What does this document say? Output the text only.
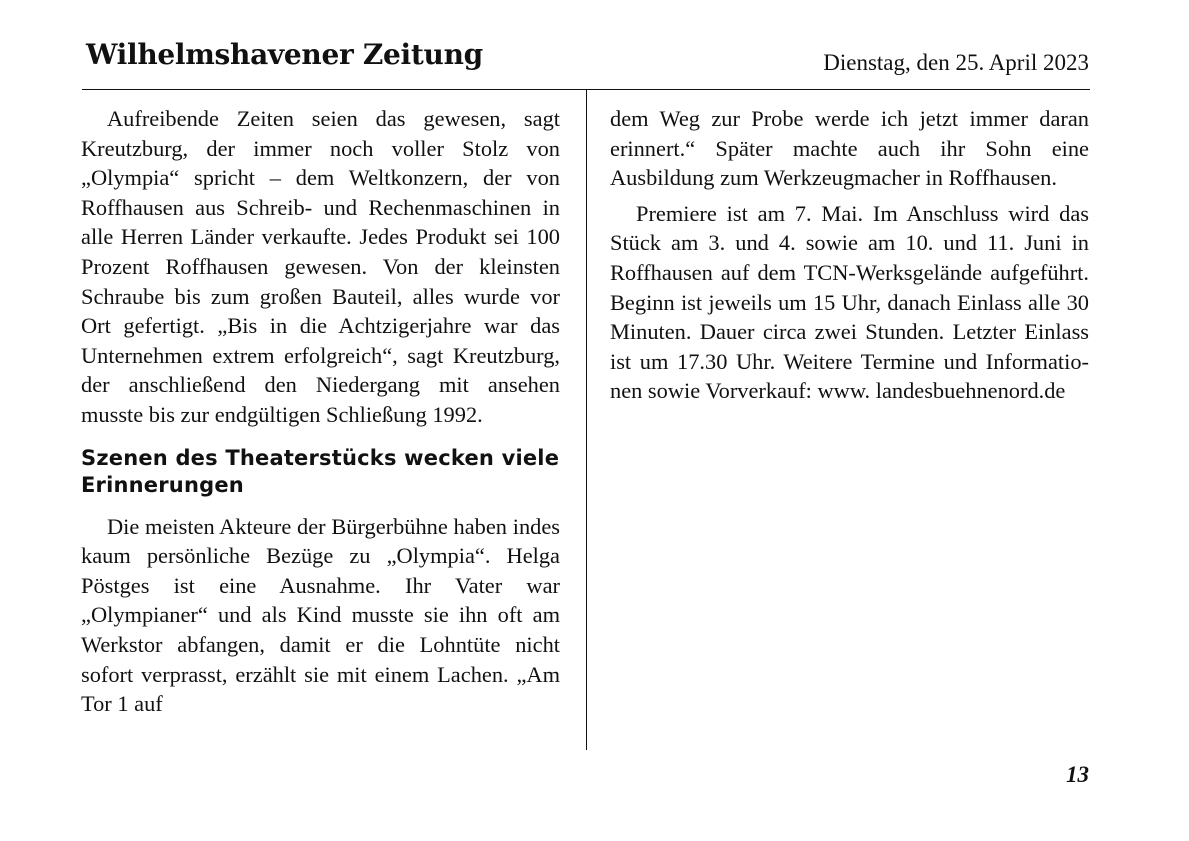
Wilhelmshavener Zeitung	Dienstag, den 25. April 2023

Aufreibende Zeiten seien das gewesen, sagt Kreutzburg, der immer noch voller Stolz von „Olympia“ spricht – dem Weltkonzern, der von Roffhausen aus Schreib- und Rechenmaschinen in alle Herren Länder verkaufte. Jedes Produkt sei 100 Prozent Roffhausen gewesen. Von der kleinsten Schraube bis zum großen Bauteil, alles wurde vor Ort gefertigt. „Bis in die Achtzigerjahre war das Unternehmen extrem erfolgreich“, sagt Kreutzburg, der anschließend den Niedergang mit ansehen musste bis zur endgültigen Schließung 1992.

Szenen des Theaterstücks wecken viele Erinnerungen

Die meisten Akteure der Bürgerbühne haben indes kaum persönliche Bezüge zu „Olympia“. Helga Pöstges ist eine Ausnahme. Ihr Vater war „Olympianer“ und als Kind musste sie ihn oft am Werkstor abfangen, damit er die Lohntüte nicht sofort verprasst, erzählt sie mit einem Lachen. „Am Tor 1 auf

dem Weg zur Probe werde ich jetzt immer daran erinnert.“ Später machte auch ihr Sohn eine Ausbildung zum Werkzeugmacher in Roffhausen.

Premiere ist am 7. Mai. Im Anschluss wird das Stück am 3. und 4. sowie am 10. und 11. Juni in Roffhausen auf dem TCN-Werksgelände aufgeführt. Beginn ist jeweils um 15 Uhr, danach Einlass alle 30 Minuten. Dauer circa zwei Stunden. Letzter Einlass ist um 17.30 Uhr. Weitere Termine und Informationen sowie Vorverkauf: www. landesbuehnenord.de

13
